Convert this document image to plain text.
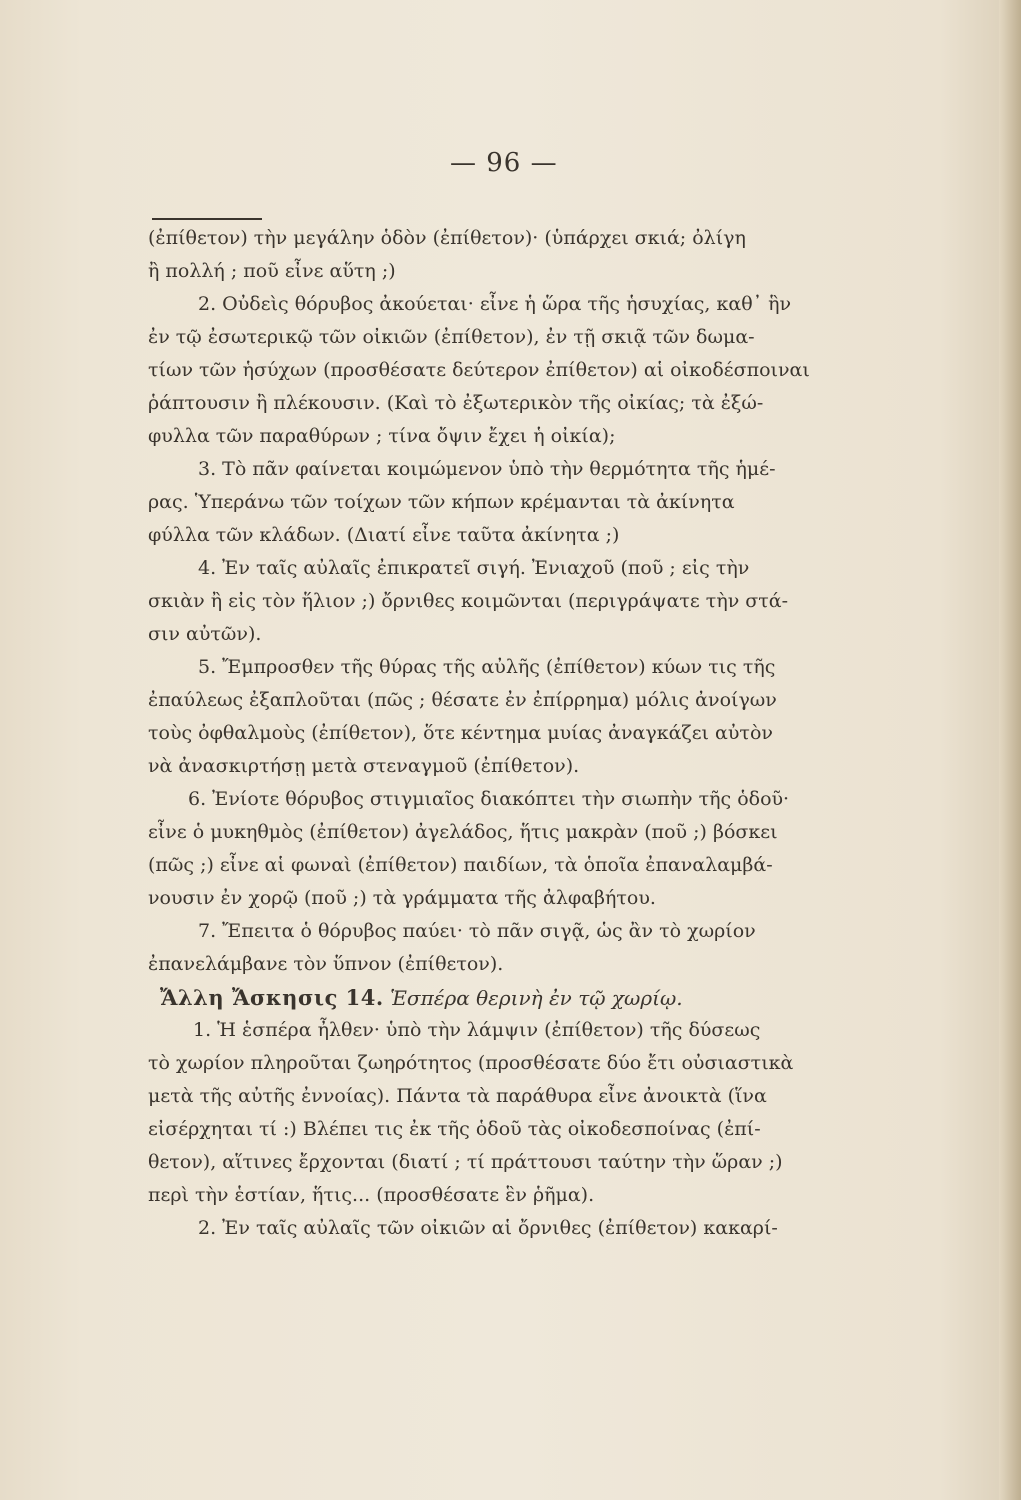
— 96 —
(ἐπίθετον) τὴν μεγάλην ὁδὸν (ἐπίθετον)· (ὑπάρχει σκιά; ὀλίγη
ἢ πολλή ; ποῦ εἶνε αὕτη ;)
2. Οὐδεὶς θόρυβος ἀκούεται· εἶνε ἡ ὥρα τῆς ἡσυχίας, καθ᾽ ἣν
ἐν τῷ ἐσωτερικῷ τῶν οἰκιῶν (ἐπίθετον), ἐν τῇ σκιᾷ τῶν δωμα-
τίων τῶν ἡσύχων (προσθέσατε δεύτερον ἐπίθετον) αἱ οἰκοδέσποιναι
ῥάπτουσιν ἢ πλέκουσιν. (Καὶ τὸ ἐξωτερικὸν τῆς οἰκίας; τὰ ἐξώ-
φυλλα τῶν παραθύρων ; τίνα ὄψιν ἔχει ἡ οἰκία);
3. Τὸ πᾶν φαίνεται κοιμώμενον ὑπὸ τὴν θερμότητα τῆς ἡμέ-
ρας. Ὑπεράνω τῶν τοίχων τῶν κήπων κρέμανται τὰ ἀκίνητα
φύλλα τῶν κλάδων. (Διατί εἶνε ταῦτα ἀκίνητα ;)
4. Ἐν ταῖς αὐλαῖς ἐπικρατεῖ σιγή. Ἐνιαχοῦ (ποῦ ; εἰς τὴν
σκιὰν ἢ εἰς τὸν ἥλιον ;) ὄρνιθες κοιμῶνται (περιγράψατε τὴν στά-
σιν αὐτῶν).
5. Ἔμπροσθεν τῆς θύρας τῆς αὐλῆς (ἐπίθετον) κύων τις τῆς
ἐπαύλεως ἐξαπλοῦται (πῶς ; θέσατε ἐν ἐπίρρημα) μόλις ἀνοίγων
τοὺς ὀφθαλμοὺς (ἐπίθετον), ὅτε κέντημα μυίας ἀναγκάζει αὐτὸν
νὰ ἀνασκιρτήσῃ μετὰ στεναγμοῦ (ἐπίθετον).
6. Ἐνίοτε θόρυβος στιγμιαῖος διακόπτει τὴν σιωπὴν τῆς ὁδοῦ·
εἶνε ὁ μυκηθμὸς (ἐπίθετον) ἀγελάδος, ἥτις μακρὰν (ποῦ ;) βόσκει
(πῶς ;) εἶνε αἱ φωναὶ (ἐπίθετον) παιδίων, τὰ ὁποῖα ἐπαναλαμβά-
νουσιν ἐν χορῷ (ποῦ ;) τὰ γράμματα τῆς ἀλφαβήτου.
7. Ἔπειτα ὁ θόρυβος παύει· τὸ πᾶν σιγᾷ, ὡς ἂν τὸ χωρίον
ἐπανελάμβανε τὸν ὕπνον (ἐπίθετον).
Ἄλλη Ἄσκησις 14. Ἑσπέρα θερινὴ ἐν τῷ χωρίῳ.
1. Ἡ ἑσπέρα ἦλθεν· ὑπὸ τὴν λάμψιν (ἐπίθετον) τῆς δύσεως
τὸ χωρίον πληροῦται ζωηρότητος (προσθέσατε δύο ἔτι οὐσιαστικὰ
μετὰ τῆς αὐτῆς ἐννοίας). Πάντα τὰ παράθυρα εἶνε ἀνοικτὰ (ἵνα
εἰσέρχηται τί :) Βλέπει τις ἐκ τῆς ὁδοῦ τὰς οἰκοδεσποίνας (ἐπί-
θετον), αἵτινες ἔρχονται (διατί ; τί πράττουσι ταύτην τὴν ὥραν ;)
περὶ τὴν ἑστίαν, ἥτις... (προσθέσατε ἓν ῥῆμα).
2. Ἐν ταῖς αὐλαῖς τῶν οἰκιῶν αἱ ὄρνιθες (ἐπίθετον) κακαρί-
